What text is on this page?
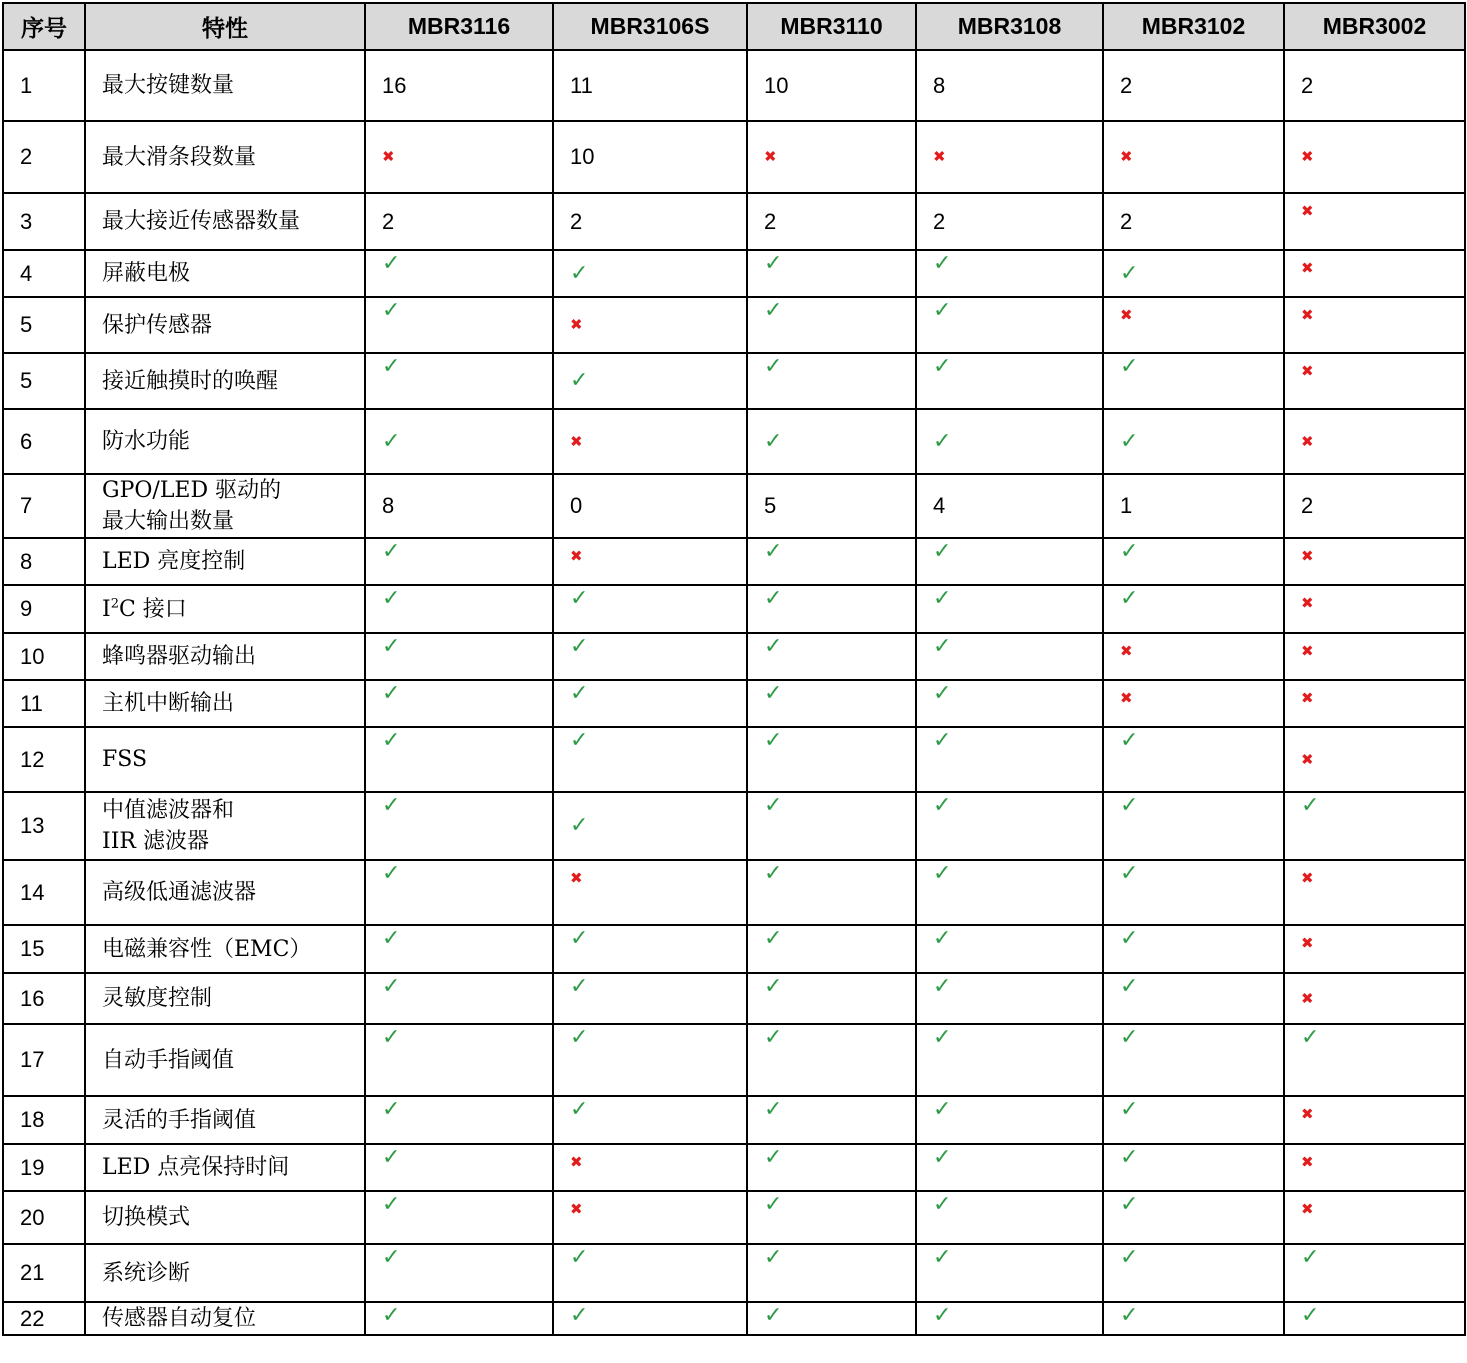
序号	特性	MBR3116	MBR3106S	MBR3110	MBR3108	MBR3102	MBR3002
1	最大按键数量	16	11	10	8	2	2
2	最大滑条段数量	✖	10	✖	✖	✖	✖

3	最大接近传感器数量	2	2	2	2	2	✖

4	屏蔽电极	✓	✓	✓	✓	✓	✖

5	保护传感器	✓	✖	✓	✓	✖	✖

5	接近触摸时的唤醒	✓	✓	✓	✓	✓	✖

6	防水功能	✓	✖	✓	✓	✓	✖

7	GPO/LED 驱动的
最大输出数量	8	0	5	4	1	2
8	LED 亮度控制	✓	✖	✓	✓	✓	✖

9	$I^2C$ 接口	✓	✓	✓	✓	✓	✖

10	蜂鸣器驱动输出	✓	✓	✓	✓	✖	✖

11	主机中断输出	✓	✓	✓	✓	✖	✖

12	FSS	✓	✓	✓	✓	✓	✖

13	中值滤波器和
IIR 滤波器	✓	✓	✓	✓	✓	✓

14	高级低通滤波器	✓	✖	✓	✓	✓	✖

15	电磁兼容性（EMC）	✓	✓	✓	✓	✓	✖

16	灵敏度控制	✓	✓	✓	✓	✓	✖

17	自动手指阈值	✓	✓	✓	✓	✓	✓

18	灵活的手指阈值	✓	✓	✓	✓	✓	✖

19	LED 点亮保持时间	✓	✖	✓	✓	✓	✖

20	切换模式	✓	✖	✓	✓	✓	✖

21	系统诊断	✓	✓	✓	✓	✓	✓

22	传感器自动复位	✓	✓	✓	✓	✓	✓
